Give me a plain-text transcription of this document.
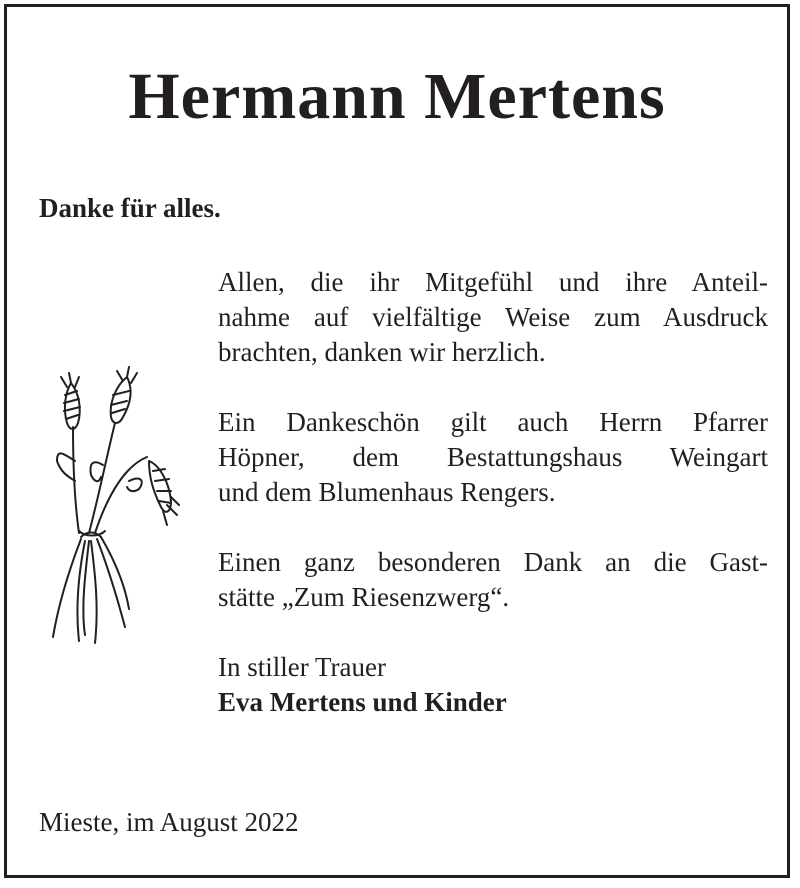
Hermann Mertens
Danke für alles.

Allen, die ihr Mitgefühl und ihre Anteil-

nahme auf vielfältige Weise zum Ausdruck

brachten, danken wir herzlich.

Ein Dankeschön gilt auch Herrn Pfarrer

Höpner, dem Bestattungshaus Weingart

und dem Blumenhaus Rengers.

Einen ganz besonderen Dank an die Gast-

stätte „Zum Riesenzwerg“.

In stiller Trauer

Eva Mertens und Kinder

Mieste, im August 2022
